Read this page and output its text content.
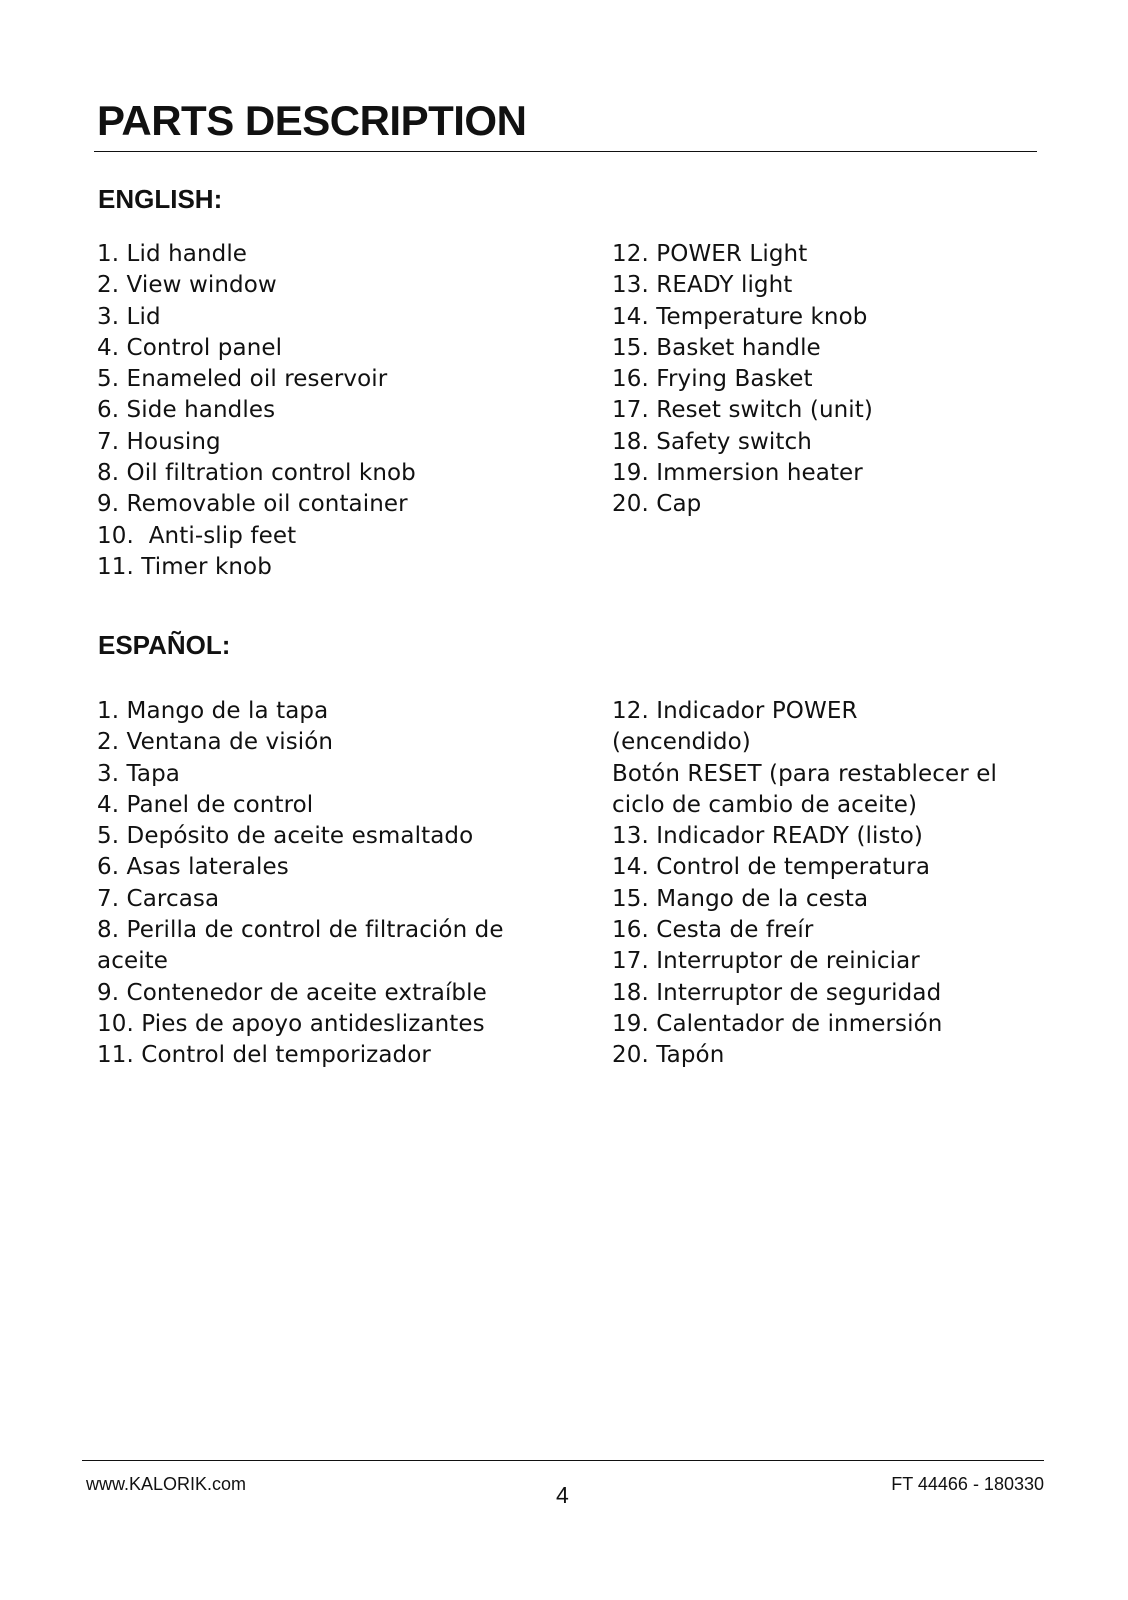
PARTS DESCRIPTION
ENGLISH:
1. Lid handle
2. View window
3. Lid
4. Control panel
5. Enameled oil reservoir
6. Side handles
7. Housing
8. Oil filtration control knob
9. Removable oil container
10.  Anti-slip feet
11. Timer knob
12. POWER Light
13. READY light
14. Temperature knob
15. Basket handle
16. Frying Basket
17. Reset switch (unit)
18. Safety switch
19. Immersion heater
20. Cap
ESPAÑOL:
1. Mango de la tapa
2. Ventana de visión
3. Tapa
4. Panel de control
5. Depósito de aceite esmaltado
6. Asas laterales
7. Carcasa
8. Perilla de control de filtración de aceite
9. Contenedor de aceite extraíble
10. Pies de apoyo antideslizantes
11. Control del temporizador
12. Indicador POWER (encendido)
Botón RESET (para restablecer el ciclo de cambio de aceite)
13. Indicador READY (listo)
14. Control de temperatura
15. Mango de la cesta
16. Cesta de freír
17. Interruptor de reiniciar
18. Interruptor de seguridad
19. Calentador de inmersión
20. Tapón
www.KALORIK.com	4	FT 44466 - 180330
